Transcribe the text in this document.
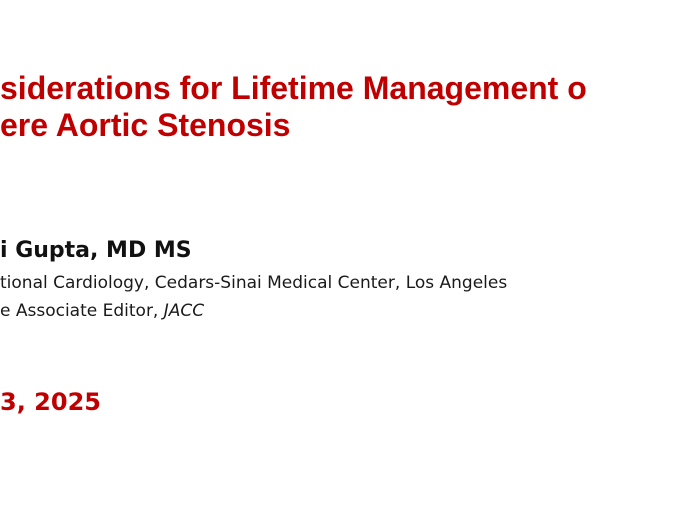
siderations for Lifetime Management o
ere Aortic Stenosis

i Gupta, MD MS

tional Cardiology, Cedars-Sinai Medical Center, Los Angeles

e Associate Editor, JACC

3, 2025
